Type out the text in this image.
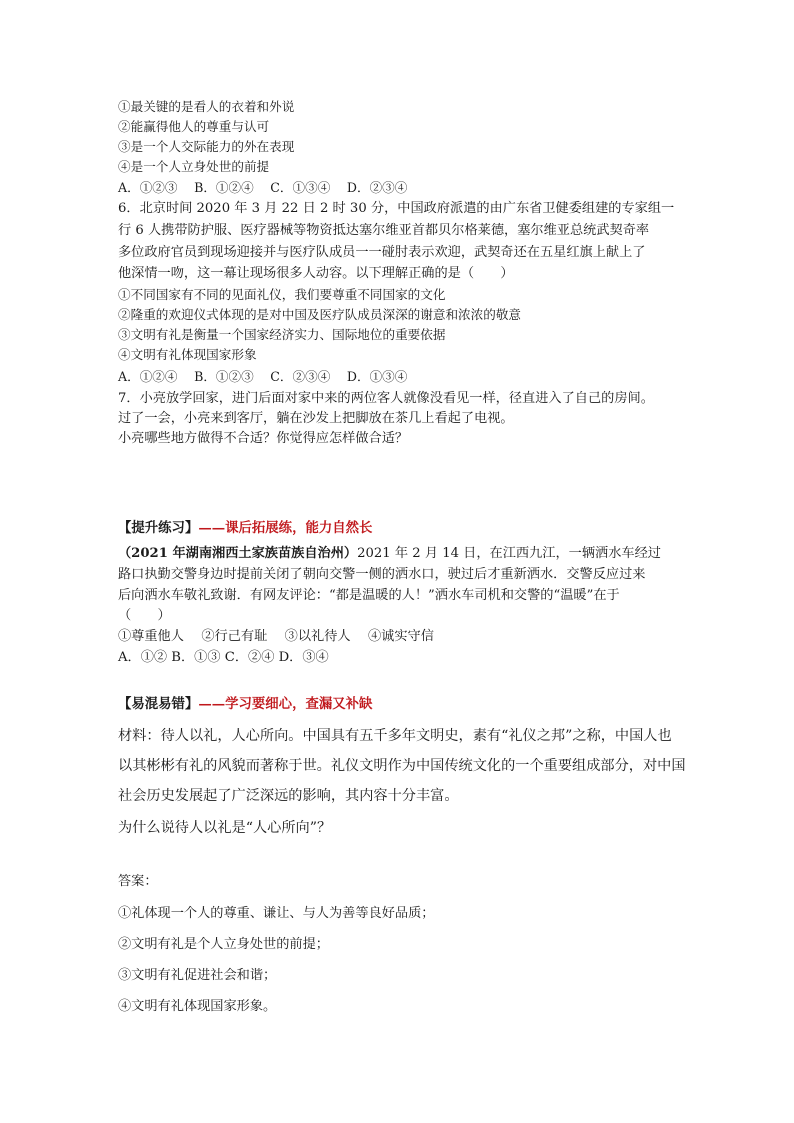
①最关键的是看人的衣着和外说
②能赢得他人的尊重与认可
③是一个人交际能力的外在表现
④是一个人立身处世的前提
A．①②③　 B．①②④　 C．①③④　 D．②③④
6．北京时间 2020 年 3 月 22 日 2 时 30 分，中国政府派遣的由广东省卫健委组建的专家组一
行 6 人携带防护服、医疗器械等物资抵达塞尔维亚首都贝尔格莱德，塞尔维亚总统武契奇率
多位政府官员到现场迎接并与医疗队成员一一碰肘表示欢迎，武契奇还在五星红旗上献上了
他深情一吻，这一幕让现场很多人动容。以下理解正确的是（　　）
①不同国家有不同的见面礼仪，我们要尊重不同国家的文化
②隆重的欢迎仪式体现的是对中国及医疗队成员深深的谢意和浓浓的敬意
③文明有礼是衡量一个国家经济实力、国际地位的重要依据
④文明有礼体现国家形象
A．①②④　 B．①②③　 C．②③④　 D．①③④
7．小亮放学回家，进门后面对家中来的两位客人就像没看见一样，径直进入了自己的房间。
过了一会，小亮来到客厅，躺在沙发上把脚放在茶几上看起了电视。
小亮哪些地方做得不合适？你觉得应怎样做合适？
【提升练习】——课后拓展练，能力自然长
（2021 年湖南湘西土家族苗族自治州）2021 年 2 月 14 日，在江西九江，一辆洒水车经过
路口执勤交警身边时提前关闭了朝向交警一侧的洒水口，驶过后才重新洒水．交警反应过来
后向洒水车敬礼致谢．有网友评论：“都是温暖的人！”洒水车司机和交警的“温暖”在于
（　　）
①尊重他人　 ②行己有耻　 ③以礼待人　 ④诚实守信
A．①② B．①③ C．②④ D．③④
【易混易错】——学习要细心，查漏又补缺
材料：待人以礼，人心所向。中国具有五千多年文明史，素有“礼仪之邦”之称，中国人也
以其彬彬有礼的风貌而著称于世。礼仪文明作为中国传统文化的一个重要组成部分，对中国
社会历史发展起了广泛深远的影响，其内容十分丰富。
为什么说待人以礼是“人心所向”？
答案：
①礼体现一个人的尊重、谦让、与人为善等良好品质；
②文明有礼是个人立身处世的前提；
③文明有礼促进社会和谐；
④文明有礼体现国家形象。
